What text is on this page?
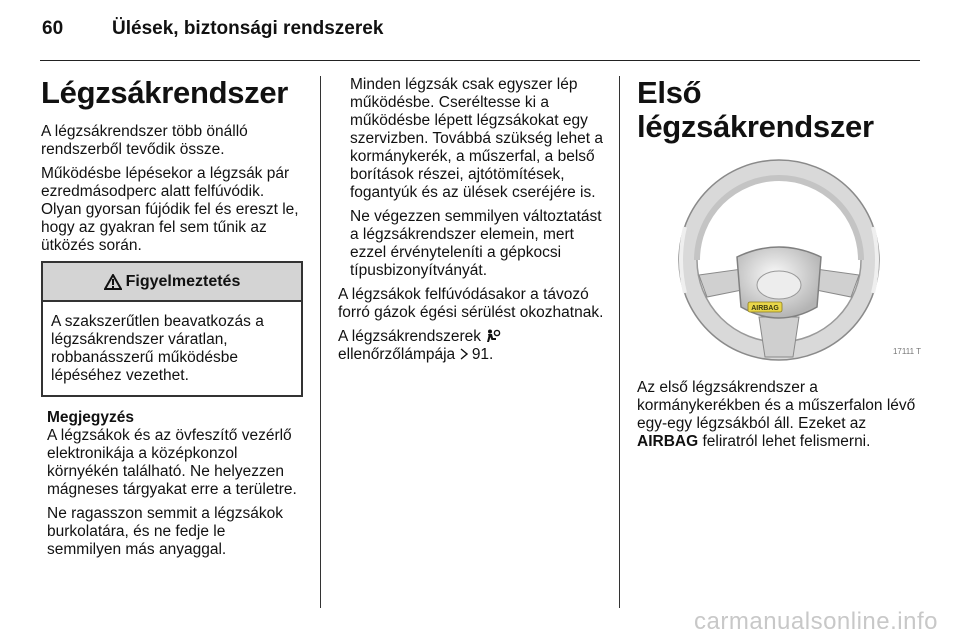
60	Ülések, biztonsági rendszerek
Légzsákrendszer

A légzsákrendszer több önálló rendszerből tevődik össze.

Működésbe lépésekor a légzsák pár ezredmásodperc alatt felfúvódik. Olyan gyorsan fújódik fel és ereszt le, hogy az gyakran fel sem tűnik az ütközés során.

Figyelmeztetés

A szakszerűtlen beavatkozás a légzsákrendszer váratlan, robbanásszerű működésbe lépéséhez vezethet.

Megjegyzés

A légzsákok és az övfeszítő vezérlő elektronikája a középkonzol környékén található. Ne helyezzen mágneses tárgyakat erre a területre.

Ne ragasszon semmit a légzsákok burkolatára, és ne fedje le semmilyen más anyaggal.

Minden légzsák csak egyszer lép működésbe. Cseréltesse ki a működésbe lépett légzsákokat egy szervizben. Továbbá szükség lehet a kormánykerék, a műszerfal, a belső borítások részei, ajtótömítések, fogantyúk és az ülések cseréjére is.

Ne végezzen semmilyen változtatást a légzsákrendszer elemein, mert ezzel érvényteleníti a gépkocsi típusbizonyítványát.

A légzsákok felfúvódásakor a távozó forró gázok égési sérülést okozhatnak.

A légzsákrendszerek
ellenőrzőlámpája 91.

Első légzsákrendszer
AIRBAG
17111 T

Az első légzsákrendszer a kormánykerékben és a műszerfalon lévő egy-egy légzsákból áll. Ezeket az AIRBAG feliratról lehet felismerni.

carmanualsonline.info
